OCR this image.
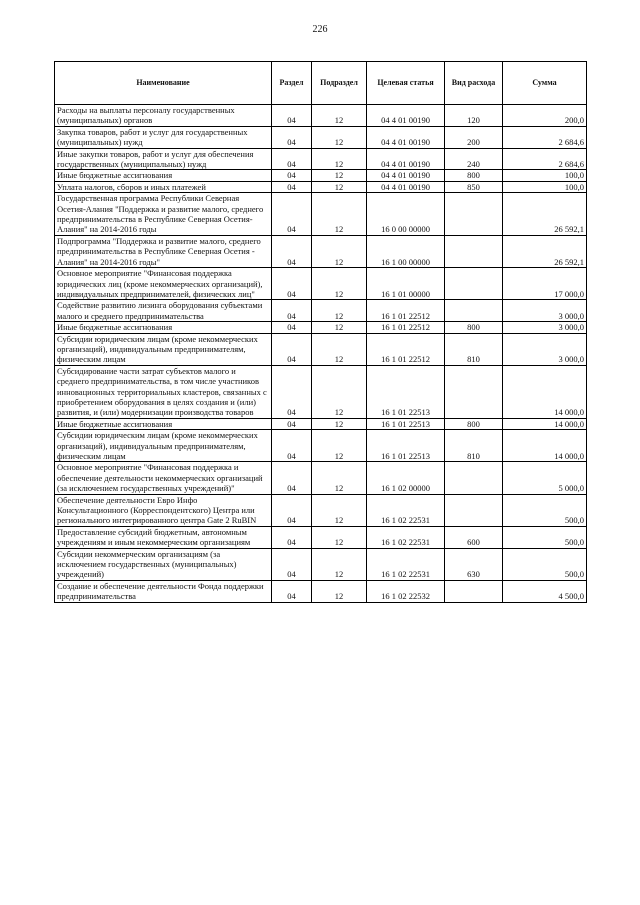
226
Наименование	Раздел	Подраздел	Целевая статья	Вид расхода	Сумма
Расходы на выплаты персоналу государственных (муниципальных) органов	04	12	04 4 01 00190	120	200,0
Закупка товаров, работ и услуг для государственных (муниципальных) нужд	04	12	04 4 01 00190	200	2 684,6
Иные закупки товаров, работ и услуг для обеспечения государственных (муниципальных) нужд	04	12	04 4 01 00190	240	2 684,6
Иные бюджетные ассигнования	04	12	04 4 01 00190	800	100,0
Уплата налогов, сборов и иных платежей	04	12	04 4 01 00190	850	100,0
Государственная программа Республики Северная Осетия-Алания "Поддержка и развитие малого, среднего предпринимательства в Республике Северная Осетия-Алания" на 2014-2016 годы	04	12	16 0 00 00000		26 592,1
Подпрограмма "Поддержка и развитие малого, среднего предпринимательства в Республике Северная Осетия - Алания" на 2014-2016 годы"	04	12	16 1 00 00000		26 592,1
Основное мероприятие "Финансовая поддержка юридических лиц (кроме некоммерческих организаций), индивидуальных предпринимателей, физических лиц"	04	12	16 1 01 00000		17 000,0
Содействие развитию лизинга оборудования субъектами малого и среднего предпринимательства	04	12	16 1 01 22512		3 000,0
Иные бюджетные ассигнования	04	12	16 1 01 22512	800	3 000,0
Субсидии юридическим лицам (кроме некоммерческих организаций), индивидуальным предпринимателям, физическим лицам	04	12	16 1 01 22512	810	3 000,0
Субсидирование части затрат субъектов малого и среднего предпринимательства, в том числе участников инновационных территориальных кластеров, связанных с приобретением оборудования в целях создания и (или) развития, и (или) модернизации производства товаров	04	12	16 1 01 22513		14 000,0
Иные бюджетные ассигнования	04	12	16 1 01 22513	800	14 000,0
Субсидии юридическим лицам (кроме некоммерческих организаций), индивидуальным предпринимателям, физическим лицам	04	12	16 1 01 22513	810	14 000,0
Основное мероприятие "Финансовая поддержка и обеспечение деятельности некоммерческих организаций (за исключением государственных учреждений)"	04	12	16 1 02 00000		5 000,0
Обеспечение деятельности Евро Инфо Консультационного (Корреспондентского) Центра или регионального интегрированного центра Gate 2 RuBIN	04	12	16 1 02 22531		500,0
Предоставление субсидий бюджетным, автономным учреждениям и иным некоммерческим организациям	04	12	16 1 02 22531	600	500,0
Субсидии некоммерческим организациям (за исключением государственных (муниципальных) учреждений)	04	12	16 1 02 22531	630	500,0
Создание и обеспечение деятельности Фонда поддержки предпринимательства	04	12	16 1 02 22532		4 500,0
